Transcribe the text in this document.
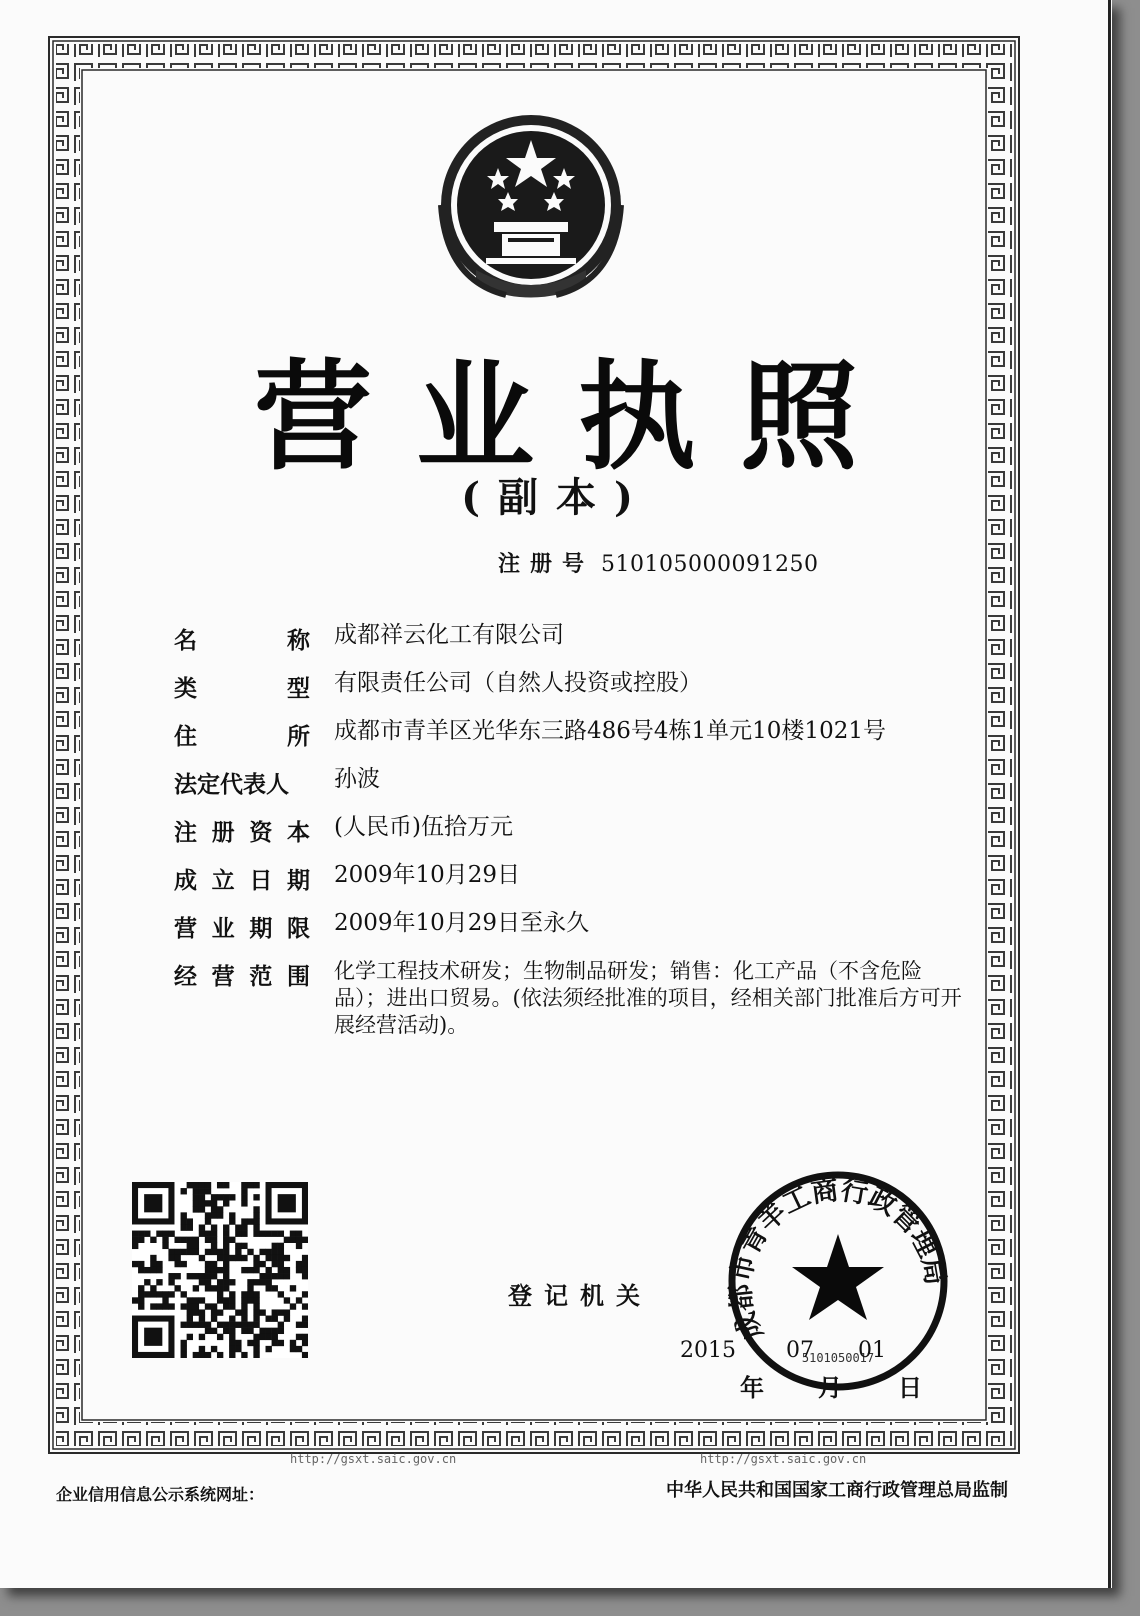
营业执照
(副本)
注册号 510105000091250
名	称 成都祥云化工有限公司
类	型 有限责任公司（自然人投资或控股）
住	所 成都市青羊区光华东三路486号4栋1单元10楼1021号
法定代表人 孙波
注 册 资 本 (人民币)伍拾万元
成 立 日 期 2009年10月29日
营 业 期 限 2009年10月29日至永久
经 营 范 围 化学工程技术研发；生物制品研发；销售：化工产品（不含危险品）；进出口贸易。(依法须经批准的项目，经相关部门批准后方可开展经营活动)。
登记机关
成都市青羊工商行政管理局
5101050017
2015 07 01
年 月 日
http://gsxt.saic.gov.cn	http://gsxt.saic.gov.cn
企业信用信息公示系统网址：	中华人民共和国国家工商行政管理总局监制
